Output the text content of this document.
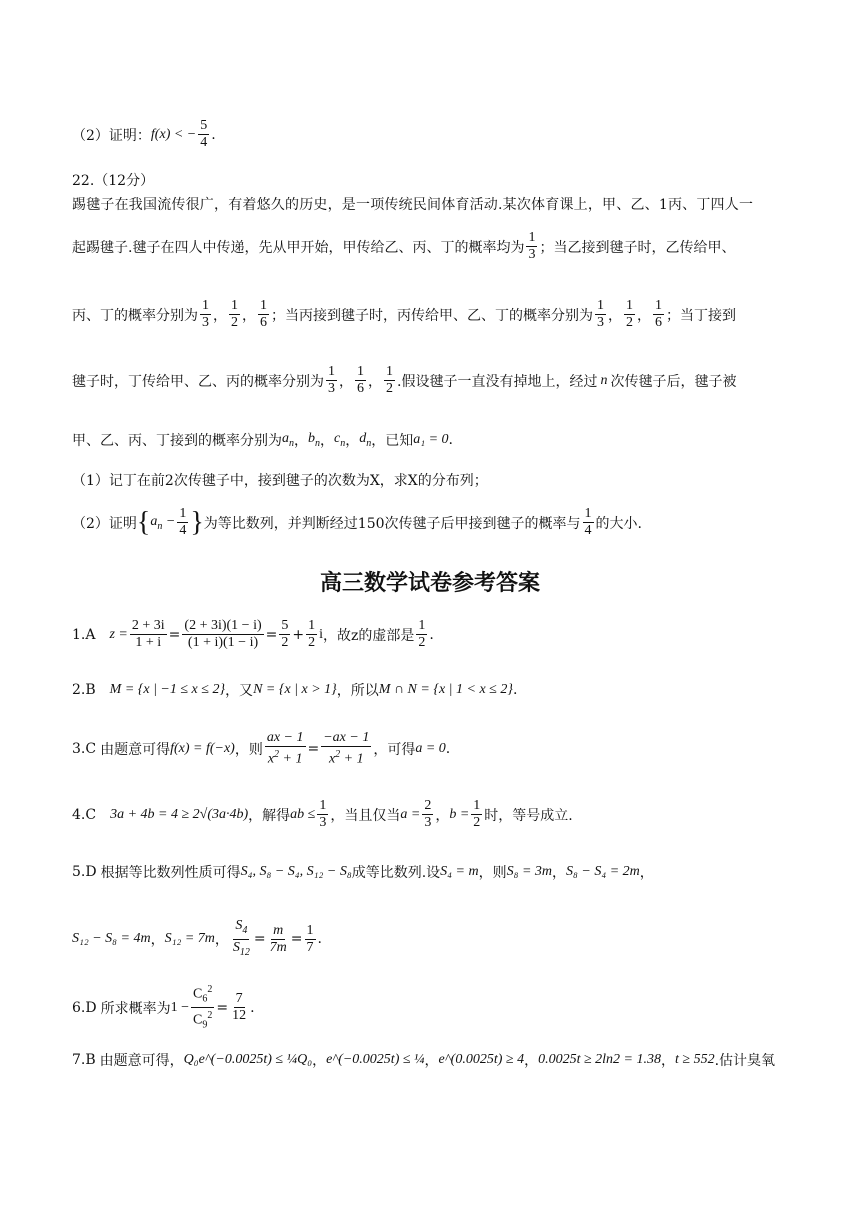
（2）证明： f(x) < − $\frac{5}{4}$ .
22.（12分）
踢毽子在我国流传很广，有着悠久的历史，是一项传统民间体育活动.某次体育课上，甲、乙、1丙、丁四人一
起踢毽子.毽子在四人中传递，先从甲开始，甲传给乙、丙、丁的概率均为 $\frac{1}{3}$ ；当乙接到毽子时，乙传给甲、
丙、丁的概率分别为 $\frac{1}{3}$ ， $\frac{1}{2}$ ， $\frac{1}{6}$ ；当丙接到毽子时，丙传给甲、乙、丁的概率分别为 $\frac{1}{3}$ ， $\frac{1}{2}$ ， $\frac{1}{6}$ ；当丁接到
毽子时，丁传给甲、乙、丙的概率分别为 $\frac{1}{3}$ ， $\frac{1}{6}$ ， $\frac{1}{2}$ .假设毽子一直没有掉地上，经过 n 次传毽子后，毽子被
甲、乙、丙、丁接到的概率分别为 $a_n$ ， $b_n$ ， $c_n$ ， $d_n$ ，已知 a₁ = 0 .
（1）记丁在前2次传毽子中，接到毽子的次数为X，求X的分布列；
（2）证明 { $a_n - \frac{1}{4}$ } 为等比数列，并判断经过150次传毽子后甲接到毽子的概率与 $\frac{1}{4}$ 的大小.
高三数学试卷参考答案
1.A $z = \frac{2 + 3i}{1 + i} = \frac{(2 + 3i)(1 - i)}{(1 + i)(1 - i)} = \frac{5}{2} + \frac{1}{2}$ i ，故z的虚部是 $\frac{1}{2}$ .
2.B M = {x | −1 ≤ x ≤ 2} ，又 N = {x | x > 1} ，所以 M ∩ N = {x | 1 < x ≤ 2} .
3.C 由题意可得 f(x) = f(−x) ，则 $\frac{ax - 1}{x^2 + 1} = \frac{-ax - 1}{x^2 + 1}$ ，可得 a = 0 .
4.C 3a + 4b = 4 ≥ 2√(3a·4b) ，解得 ab ≤ $\frac{1}{3}$ ，当且仅当 $a = \frac{2}{3}$ ， $b = \frac{1}{2}$ 时，等号成立.
5.D 根据等比数列性质可得 S₄, S₈ − S₄, S₁₂ − S₈ 成等比数列.设 S₄ = m ，则 S₈ = 3m ， S₈ − S₄ = 2m ，
S₁₂ − S₈ = 4m ， S₁₂ = 7m ， $\frac{S_4}{S_{12}} = \frac{m}{7m} = \frac{1}{7}$ .
6.D 所求概率为 $1 - \frac{C_6^2}{C_9^2} = \frac{7}{12}$ .
7.B 由题意可得， Q₀e^(−0.0025t) ≤ ¼Q₀ ， e^(−0.0025t) ≤ ¼ ， e^(0.0025t) ≥ 4 ， 0.0025t ≥ 2ln2 = 1.38 ， t ≥ 552 .估计臭氧
